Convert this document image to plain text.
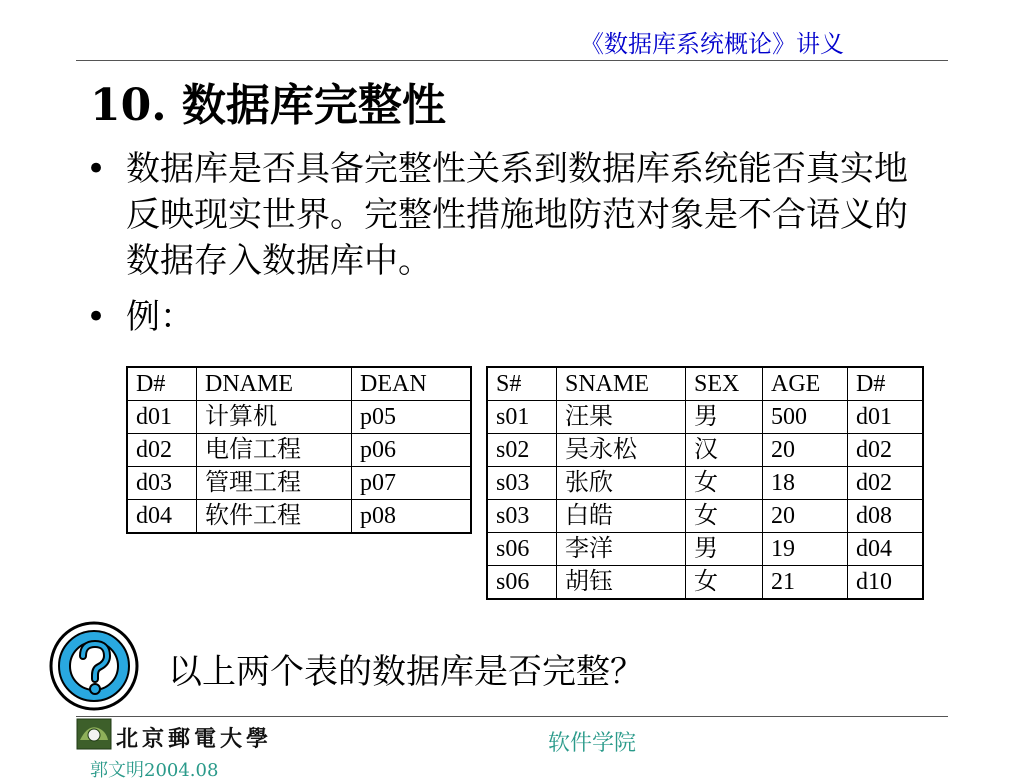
《数据库系统概论》讲义
10. 数据库完整性
• 数据库是否具备完整性关系到数据库系统能否真实地反映现实世界。完整性措施地防范对象是不合语义的数据存入数据库中。
• 例：
D#	DNAME	DEAN
d01	计算机	p05
d02	电信工程	p06
d03	管理工程	p07
d04	软件工程	p08
S#	SNAME	SEX	AGE	D#
s01	汪果	男	500	d01
s02	吴永松	汉	20	d02
s03	张欣	女	18	d02
s03	白皓	女	20	d08
s06	李洋	男	19	d04
s06	胡钰	女	21	d10
以上两个表的数据库是否完整？
北京郵電大學	软件学院
郭文明2004.08
